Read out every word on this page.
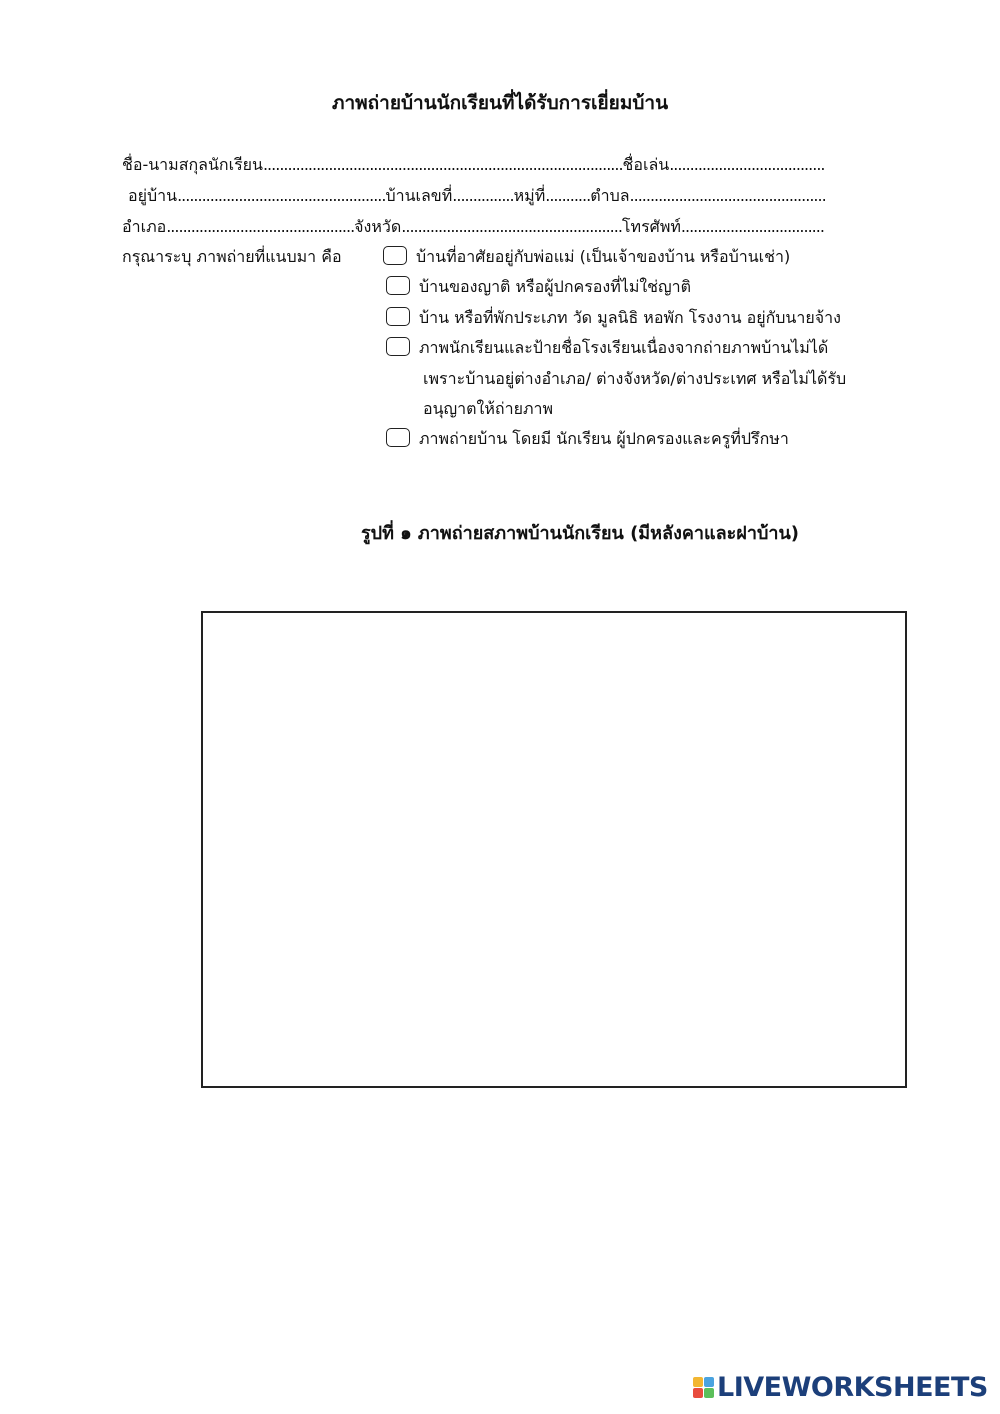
ภาพถ่ายบ้านนักเรียนที่ได้รับการเยี่ยมบ้าน
ชื่อ-นามสกุลนักเรียน........................................................................................ชื่อเล่น......................................
อยู่บ้าน...................................................บ้านเลขที่...............หมู่ที่...........ตำบล................................................
อำเภอ..............................................จังหวัด......................................................โทรศัพท์...................................
กรุณาระบุ ภาพถ่ายที่แนบมา คือ	บ้านที่อาศัยอยู่กับพ่อแม่ (เป็นเจ้าของบ้าน หรือบ้านเช่า)
บ้านของญาติ หรือผู้ปกครองที่ไม่ใช่ญาติ
บ้าน หรือที่พักประเภท วัด มูลนิธิ หอพัก โรงงาน อยู่กับนายจ้าง
ภาพนักเรียนและป้ายชื่อโรงเรียนเนื่องจากถ่ายภาพบ้านไม่ได้
เพราะบ้านอยู่ต่างอำเภอ/ ต่างจังหวัด/ต่างประเทศ หรือไม่ได้รับ
อนุญาตให้ถ่ายภาพ
ภาพถ่ายบ้าน โดยมี นักเรียน ผู้ปกครองและครูที่ปรึกษา
รูปที่ ๑ ภาพถ่ายสภาพบ้านนักเรียน (มีหลังคาและฝาบ้าน)
LIVEWORKSHEETS
